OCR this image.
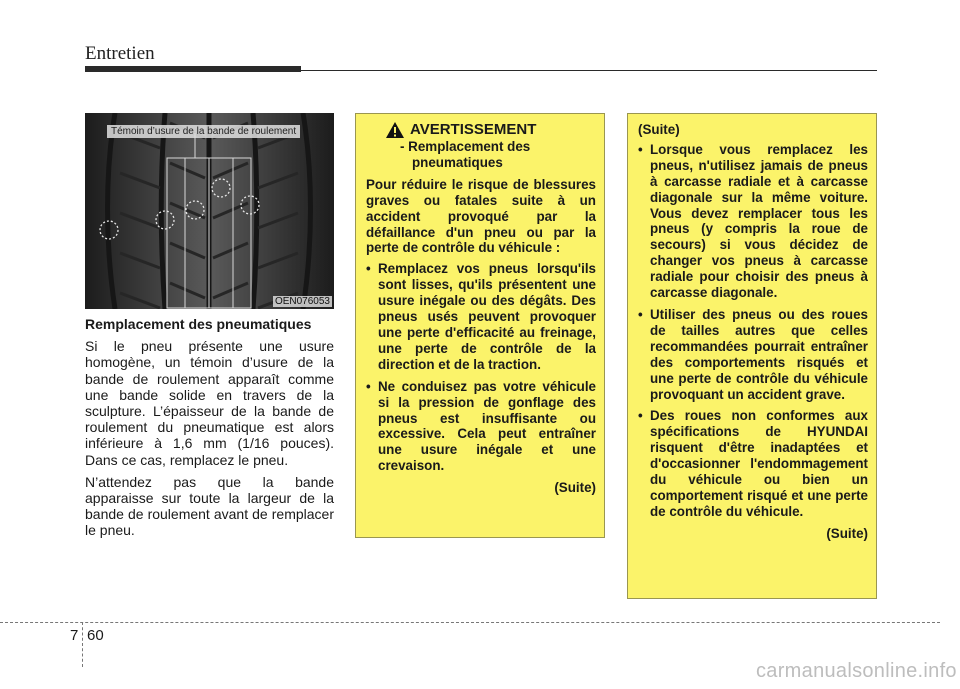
Entretien
Témoin d’usure de la bande de roulement
OEN076053
Remplacement des pneumatiques

Si le pneu présente une usure homogène, un témoin d’usure de la bande de roulement apparaît comme une bande solide en travers de la sculpture. L’épaisseur de la bande de roulement du pneumatique est alors inférieure à 1,6 mm (1/16 pouces). Dans ce cas, remplacez le pneu.

N’attendez pas que la bande apparaisse sur toute la largeur de la bande de roulement avant de remplacer le pneu.

AVERTISSEMENT
- Remplacement des
pneumatiques

Pour réduire le risque de blessures graves ou fatales suite à un accident provoqué par la défaillance d'un pneu ou par la perte de contrôle du véhicule :

• Remplacez vos pneus lorsqu'ils sont lisses, qu'ils présentent une usure inégale ou des dégâts. Des pneus usés peuvent provoquer une perte d'efficacité au freinage, une perte de contrôle de la direction et de la traction.
• Ne conduisez pas votre véhicule si la pression de gonflage des pneus est insuffisante ou excessive. Cela peut entraîner une usure inégale et une crevaison.
(Suite)
(Suite)
• Lorsque vous remplacez les pneus, n'utilisez jamais de pneus à carcasse radiale et à carcasse diagonale sur la même voiture. Vous devez remplacer tous les pneus (y compris la roue de secours) si vous décidez de changer vos pneus à carcasse radiale pour choisir des pneus à carcasse diagonale.
• Utiliser des pneus ou des roues de tailles autres que celles recommandées pourrait entraîner des comportements risqués et une perte de contrôle du véhicule provoquant un accident grave.
• Des roues non conformes aux spécifications de HYUNDAI risquent d'être inadaptées et d'occasionner l'endommagement du véhicule ou bien un comportement risqué et une perte de contrôle du véhicule.
(Suite)
7 60
carmanualsonline.info
